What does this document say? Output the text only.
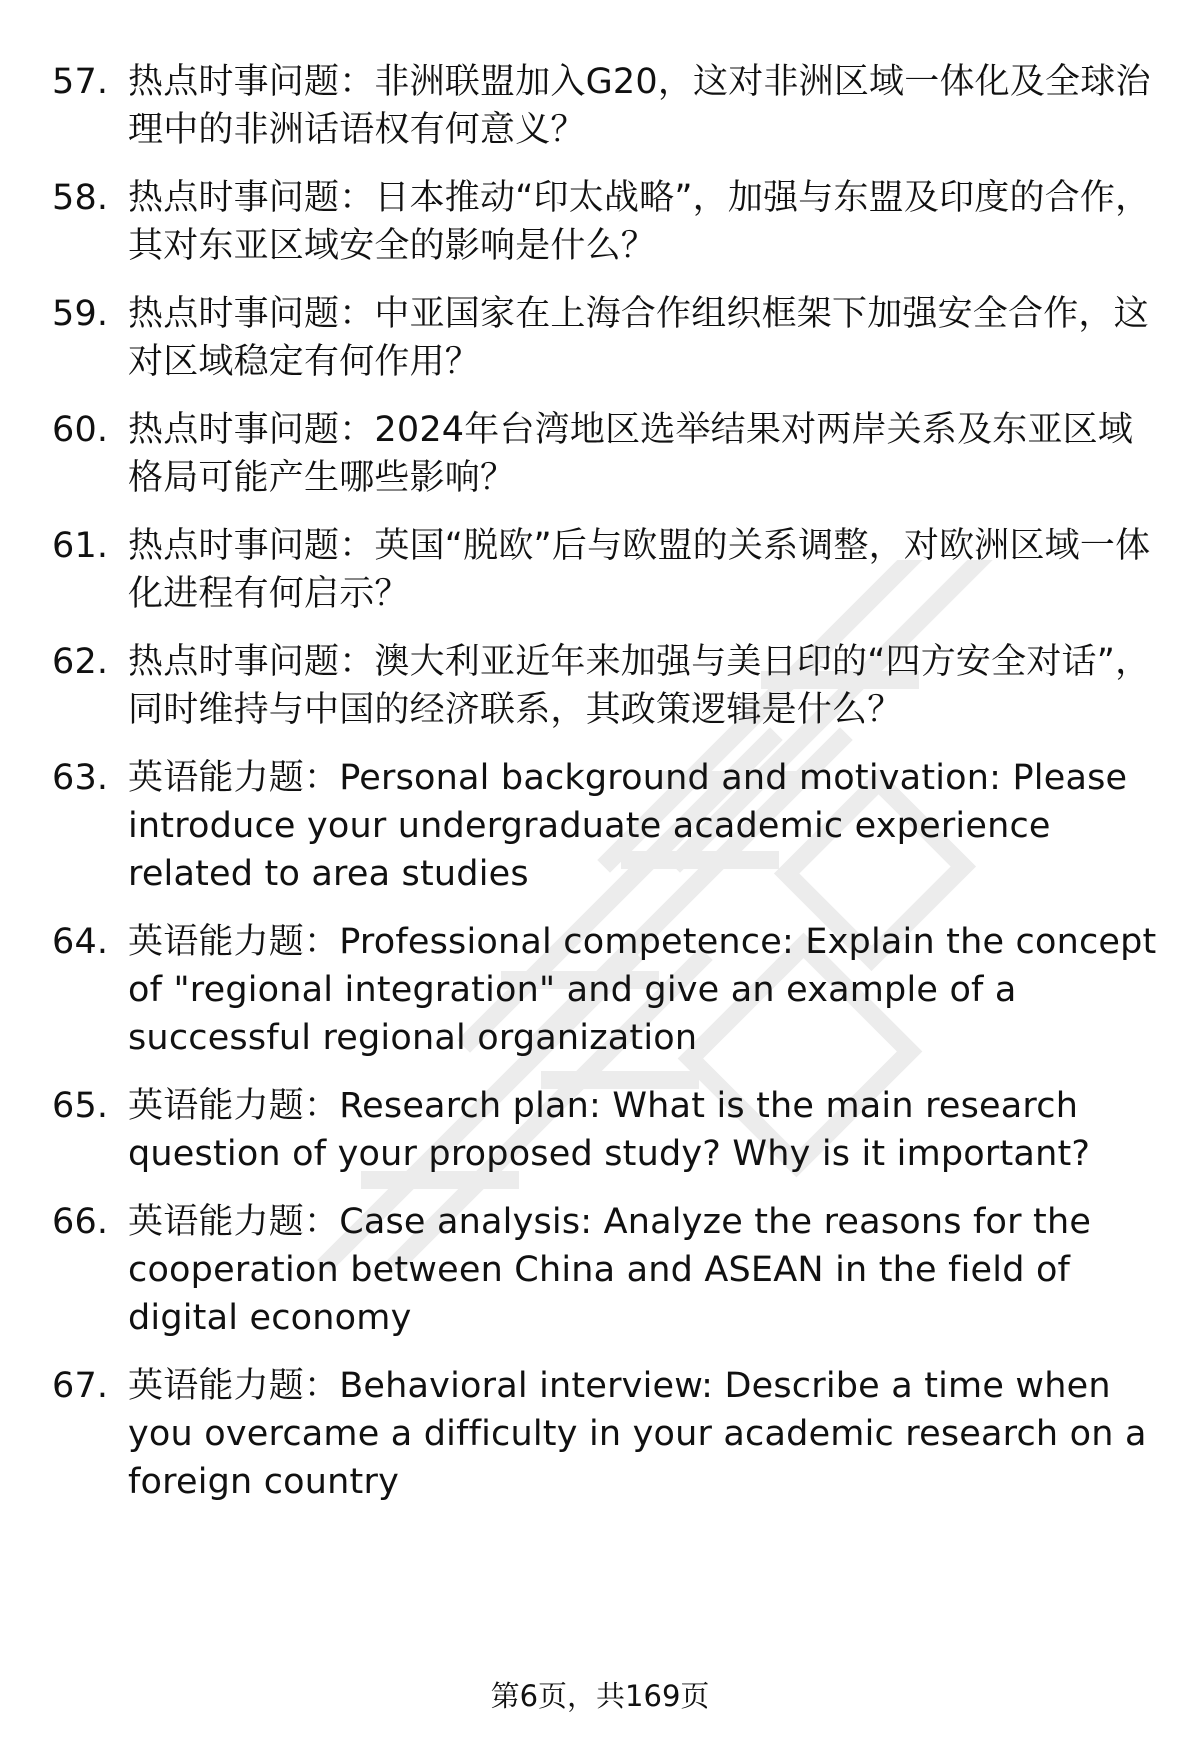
57. 热点时事问题：非洲联盟加入G20，这对非洲区域一体化及全球治理中的非洲话语权有何意义？
58. 热点时事问题：日本推动“印太战略”，加强与东盟及印度的合作，其对东亚区域安全的影响是什么？
59. 热点时事问题：中亚国家在上海合作组织框架下加强安全合作，这对区域稳定有何作用？
60. 热点时事问题：2024年台湾地区选举结果对两岸关系及东亚区域格局可能产生哪些影响？
61. 热点时事问题：英国“脱欧”后与欧盟的关系调整，对欧洲区域一体化进程有何启示？
62. 热点时事问题：澳大利亚近年来加强与美日印的“四方安全对话”，同时维持与中国的经济联系，其政策逻辑是什么？
63. 英语能力题：Personal background and motivation: Please introduce your undergraduate academic experience related to area studies
64. 英语能力题：Professional competence: Explain the concept of "regional integration" and give an example of a successful regional organization
65. 英语能力题：Research plan: What is the main research question of your proposed study? Why is it important?
66. 英语能力题：Case analysis: Analyze the reasons for the cooperation between China and ASEAN in the field of digital economy
67. 英语能力题：Behavioral interview: Describe a time when you overcame a difficulty in your academic research on a foreign country
第6页，共169页
